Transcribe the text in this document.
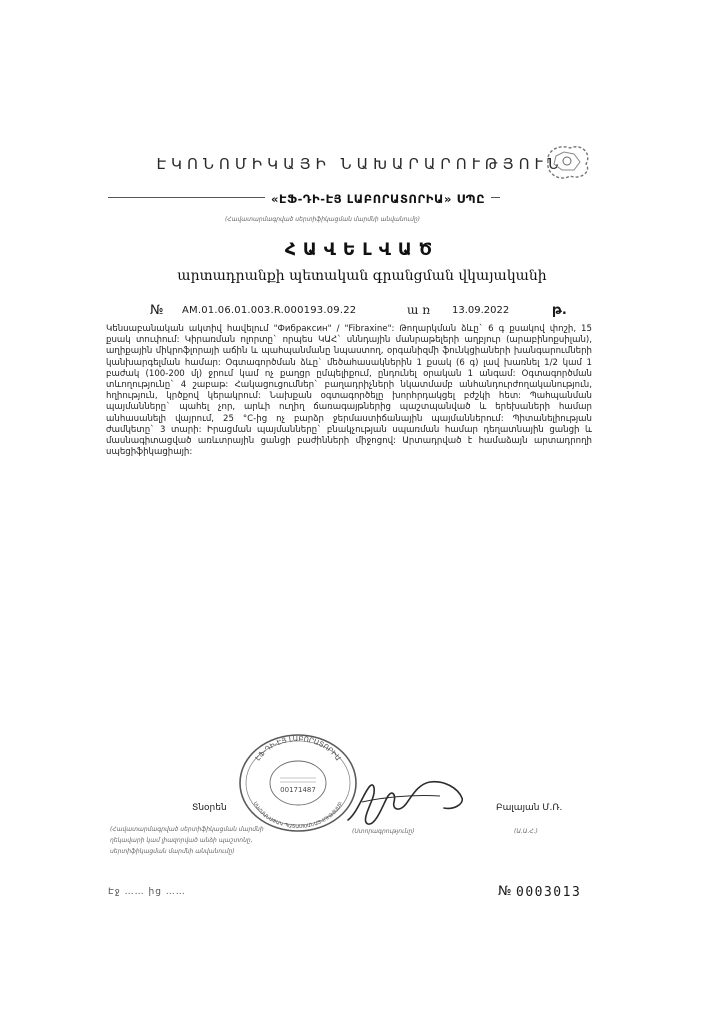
ԷԿՈՆՈՄԻԿԱՅԻ ՆԱԽԱՐԱՐՈՒԹՅՈՒՆ
«ԷՖ-ԴԻ-ԷՅ ԼԱԲՈՐԱՏՈՐԻԱ» ՍՊԸ
(Հավատարմագրված սերտիֆիկացման մարմնի անվանումը)
ՀԱՎԵԼՎԱԾ
արտադրանքի պետական գրանցման վկայականի
№ AM.01.06.01.003.R.000193.09.22	ա ռ 13.09.2022	թ.
Կենսաբանական ակտիվ հավելում "Фибраксин" / "Fibraxine": Թողարկման ձևը` 6 գ քսակով փոշի, 15 քսակ տուփում: Կիրառման ոլորտը` որպես ԿԱՀ` սննդային մանրաթելերի աղբյուր (արաբինոքսիլան), աղիքային միկրոֆլորայի աճին և պահպանմանը նպաստող, օրգանիզմի ֆունկցիաների խանգարումների կանխարգելման համար: Օգտագործման ձևը` մեծահասակներին 1 քսակ (6 գ) լավ խառնել 1/2 կամ 1 բաժակ (100-200 մլ) ջրում կամ ոչ քաղցր ըմպելիքում, ընդունել օրական 1 անգամ: Օգտագործման տևողությունը` 4 շաբաթ: Հակացուցումներ` բաղադրիչների նկատմամբ անհանդուրժողականություն, հղիություն, կրծքով կերակրում: Նախքան օգտագործելը խորհրդակցել բժշկի հետ: Պահպանման պայմանները` պահել չոր, արևի ուղիղ ճառագայթներից պաշտպանված և երեխաների համար անհասանելի վայրում, 25 °C-ից ոչ բարձր ջերմաստիճանային պայմաններում: Պիտանելիության ժամկետը` 3 տարի: Իրացման պայմանները` բնակչության սպառման համար դեղատնային ցանցի և մասնագիտացված առևտրային ցանցի բաժինների միջոցով: Արտադրված է համաձայն արտադրողի սպեցիֆիկացիայի:
ԷՖ-ԴԻ-ԷՅ ԼԱԲՈՐԱՏՈՐԻԱ
ՍԱՀՄԱՆԱՓԱԿ ՊԱՏԱՍԽԱՆԱՏՎՈՒԹՅԱՄԲ
00171487
Տնօրեն	Բալայան Մ.Ռ.
(Հավատարմագրված սերտիֆիկացման մարմնի
ղեկավարի կամ լիազորված անձի պաշտոնը,
սերտիֆիկացման մարմնի անվանումը)
(Ստորագրությունը)	(Ա.Ա.Հ.)
Էջ …… ից ……	№ 0003013
